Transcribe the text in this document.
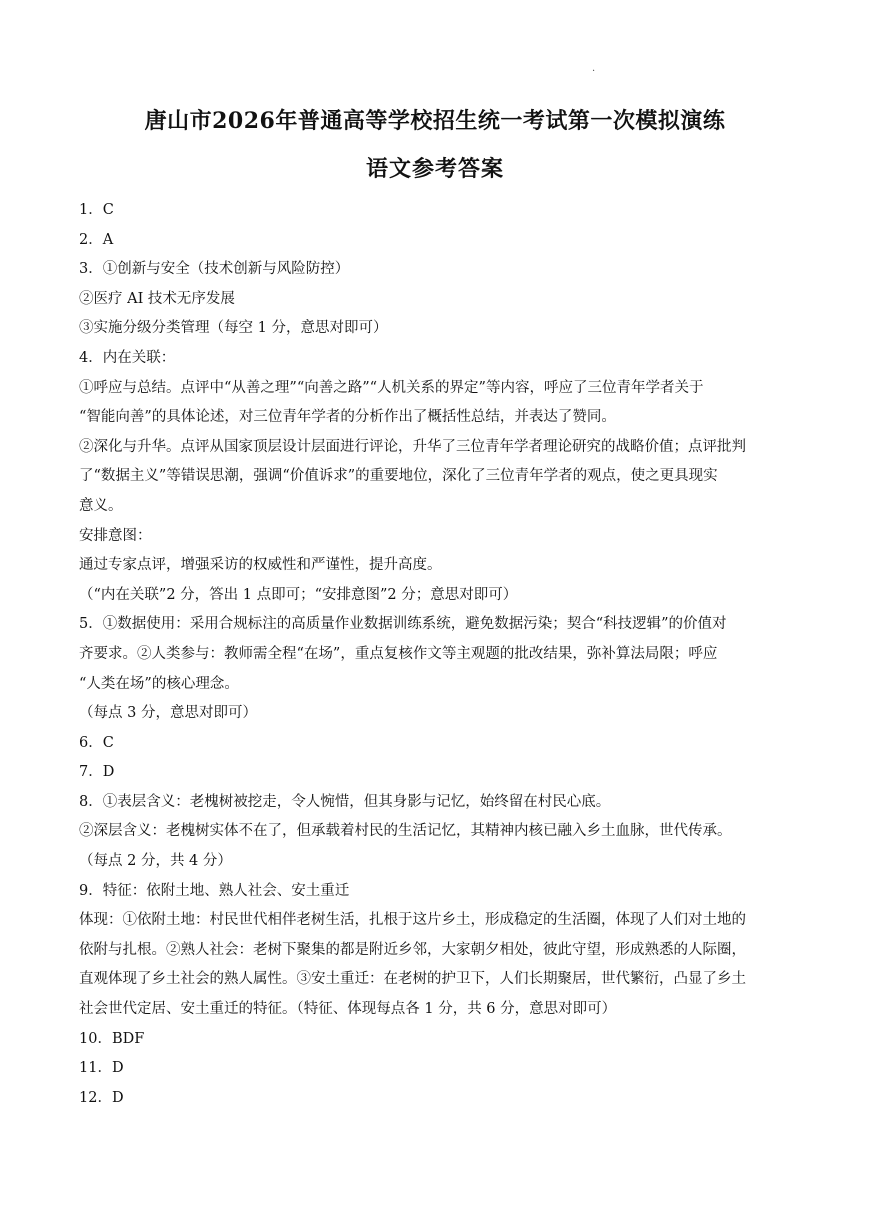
·
唐山市2026年普通高等学校招生统一考试第一次模拟演练
语文参考答案
1．C
2．A
3．①创新与安全（技术创新与风险防控）
②医疗 AI 技术无序发展
③实施分级分类管理（每空 1 分，意思对即可）
4．内在关联：
①呼应与总结。点评中“从善之理”“向善之路”“人机关系的界定”等内容，呼应了三位青年学者关于
“智能向善”的具体论述，对三位青年学者的分析作出了概括性总结，并表达了赞同。
②深化与升华。点评从国家顶层设计层面进行评论，升华了三位青年学者理论研究的战略价值；点评批判
了“数据主义”等错误思潮，强调“价值诉求”的重要地位，深化了三位青年学者的观点，使之更具现实
意义。
安排意图：
通过专家点评，增强采访的权威性和严谨性，提升高度。
（“内在关联”2 分，答出 1 点即可；“安排意图”2 分；意思对即可）
5．①数据使用：采用合规标注的高质量作业数据训练系统，避免数据污染；契合“科技逻辑”的价值对
齐要求。②人类参与：教师需全程“在场”，重点复核作文等主观题的批改结果，弥补算法局限；呼应
“人类在场”的核心理念。
（每点 3 分，意思对即可）
6．C
7．D
8．①表层含义：老槐树被挖走，令人惋惜，但其身影与记忆，始终留在村民心底。
②深层含义：老槐树实体不在了，但承载着村民的生活记忆，其精神内核已融入乡土血脉，世代传承。
（每点 2 分，共 4 分）
9．特征：依附土地、熟人社会、安土重迁
体现：①依附土地：村民世代相伴老树生活，扎根于这片乡土，形成稳定的生活圈，体现了人们对土地的
依附与扎根。②熟人社会：老树下聚集的都是附近乡邻，大家朝夕相处，彼此守望，形成熟悉的人际圈，
直观体现了乡土社会的熟人属性。③安土重迁：在老树的护卫下，人们长期聚居，世代繁衍，凸显了乡土
社会世代定居、安土重迁的特征。（特征、体现每点各 1 分，共 6 分，意思对即可）
10．BDF
11．D
12．D
